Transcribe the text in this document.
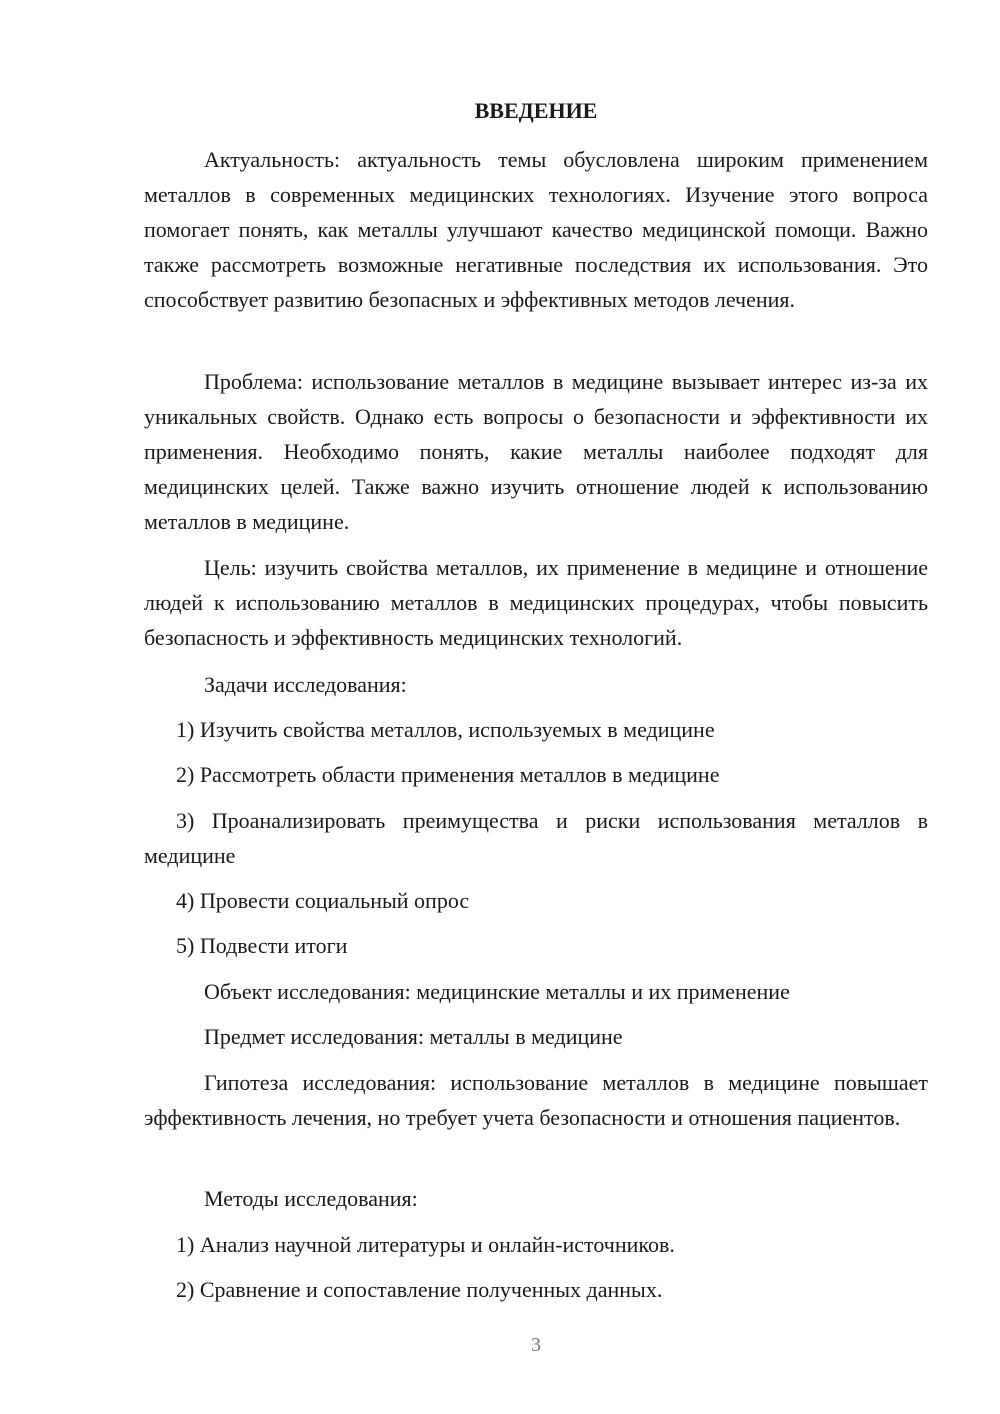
ВВЕДЕНИЕ

Актуальность: актуальность темы обусловлена широким применением металлов в современных медицинских технологиях. Изучение этого вопроса помогает понять, как металлы улучшают качество медицинской помощи. Важно также рассмотреть возможные негативные последствия их использования. Это способствует развитию безопасных и эффективных методов лечения.

Проблема: использование металлов в медицине вызывает интерес из-за их уникальных свойств. Однако есть вопросы о безопасности и эффективности их применения. Необходимо понять, какие металлы наиболее подходят для медицинских целей. Также важно изучить отношение людей к использованию металлов в медицине.

Цель: изучить свойства металлов, их применение в медицине и отношение людей к использованию металлов в медицинских процедурах, чтобы повысить безопасность и эффективность медицинских технологий.

Задачи исследования:

1) Изучить свойства металлов, используемых в медицине

2) Рассмотреть области применения металлов в медицине

3) Проанализировать преимущества и риски использования металлов в медицине

4) Провести социальный опрос

5) Подвести итоги

Объект исследования: медицинские металлы и их применение

Предмет исследования: металлы в медицине

Гипотеза исследования: использование металлов в медицине повышает эффективность лечения, но требует учета безопасности и отношения пациентов.

Методы исследования:

1) Анализ научной литературы и онлайн-источников.

2) Сравнение и сопоставление полученных данных.

3
